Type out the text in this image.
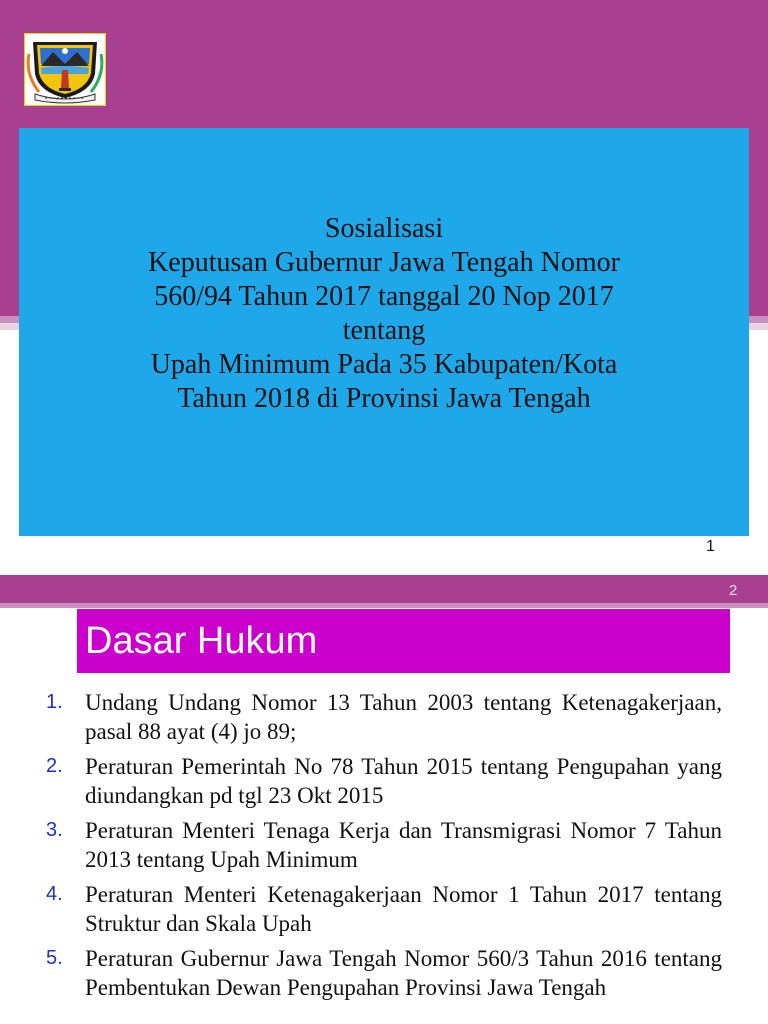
Sosialisasi
Keputusan Gubernur Jawa Tengah Nomor
560/94 Tahun 2017 tanggal 20 Nop 2017
tentang
Upah Minimum Pada 35 Kabupaten/Kota
Tahun 2018 di Provinsi Jawa Tengah
1
2
Dasar Hukum
1. Undang Undang Nomor 13 Tahun 2003 tentang Ketenagakerjaan, pasal 88 ayat (4) jo 89;
2. Peraturan Pemerintah No 78 Tahun 2015 tentang Pengupahan yang diundangkan pd tgl 23 Okt 2015
3. Peraturan Menteri Tenaga Kerja dan Transmigrasi Nomor 7 Tahun 2013 tentang Upah Minimum
4. Peraturan Menteri Ketenagakerjaan Nomor 1 Tahun 2017 tentang Struktur dan Skala Upah
5. Peraturan Gubernur Jawa Tengah Nomor 560/3 Tahun 2016 tentang Pembentukan Dewan Pengupahan Provinsi Jawa Tengah
